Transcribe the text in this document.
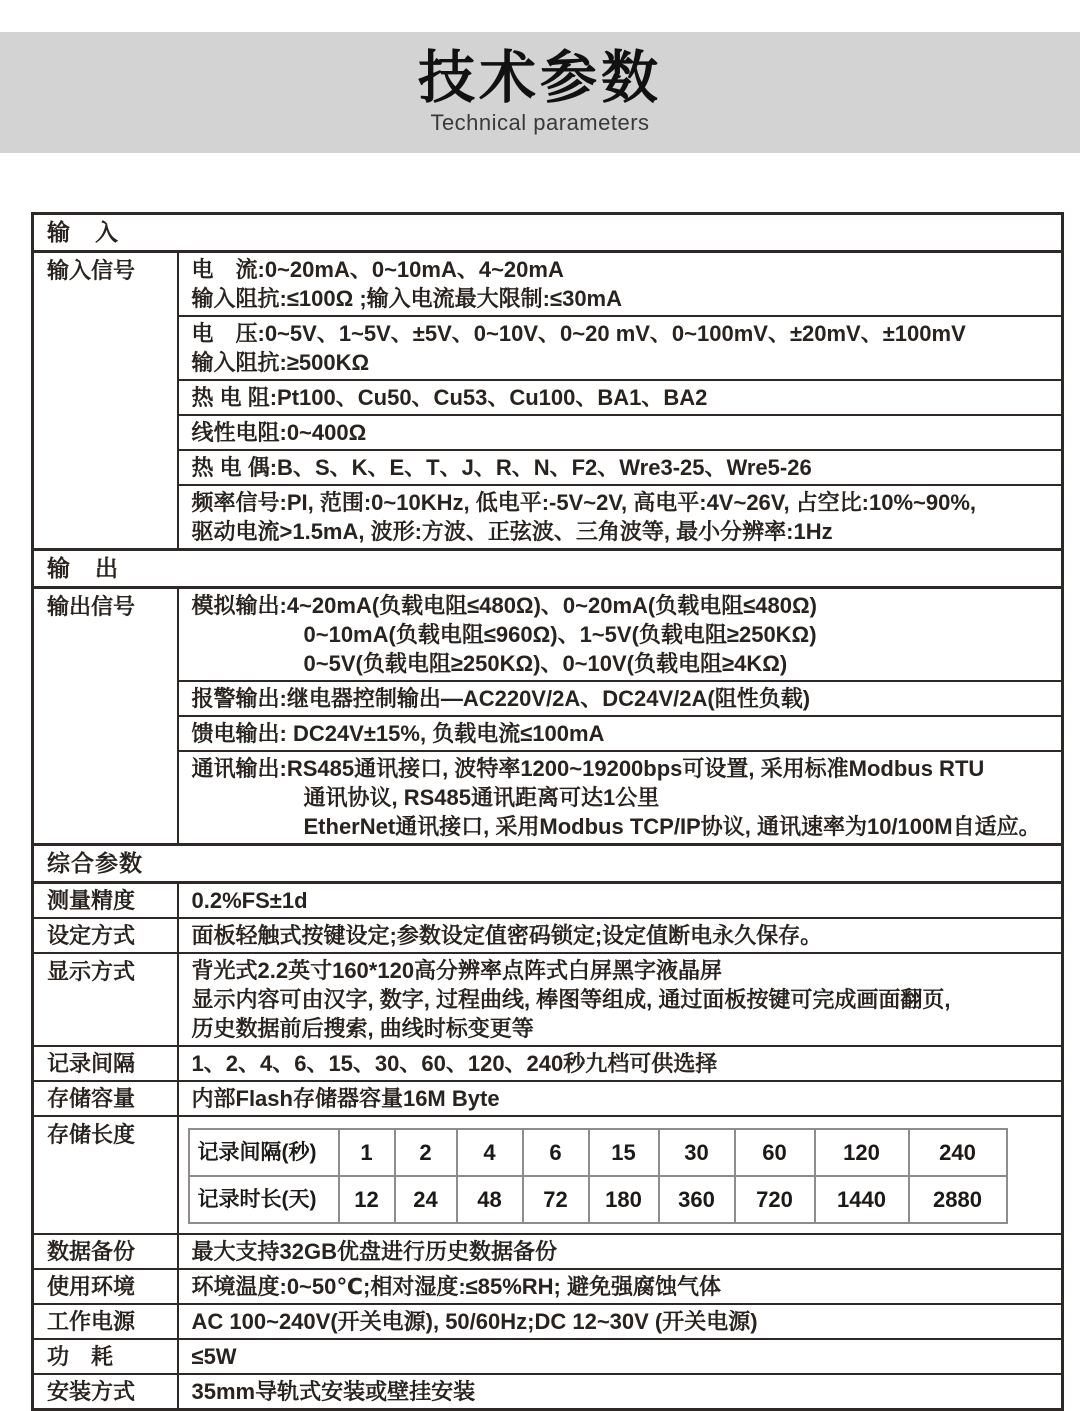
技术参数
Technical parameters
输　入
输入信号	电　流:0~20mA、0~10mA、4~20mA
输入阻抗:≤100Ω ;输入电流最大限制:≤30mA

电　压:0~5V、1~5V、±5V、0~10V、0~20 mV、0~100mV、±20mV、±100mV
输入阻抗:≥500KΩ

热 电 阻:Pt100、Cu50、Cu53、Cu100、BA1、BA2

线性电阻:0~400Ω

热 电 偶:B、S、K、E、T、J、R、N、F2、Wre3-25、Wre5-26

频率信号:PI, 范围:0~10KHz, 低电平:-5V~2V, 高电平:4V~26V, 占空比:10%~90%,
驱动电流>1.5mA, 波形:方波、正弦波、三角波等, 最小分辨率:1Hz

输　出
输出信号	模拟输出:4~20mA(负载电阻≤480Ω)、0~20mA(负载电阻≤480Ω)
0~10mA(负载电阻≤960Ω)、1~5V(负载电阻≥250KΩ)
0~5V(负载电阻≥250KΩ)、0~10V(负载电阻≥4KΩ)

报警输出:继电器控制输出—AC220V/2A、DC24V/2A(阻性负载)

馈电输出: DC24V±15%, 负载电流≤100mA

通讯输出:RS485通讯接口, 波特率1200~19200bps可设置, 采用标准Modbus RTU
通讯协议, RS485通讯距离可达1公里
EtherNet通讯接口, 采用Modbus TCP/IP协议, 通讯速率为10/100M自适应。

综合参数
测量精度	0.2%FS±1d

设定方式	面板轻触式按键设定;参数设定值密码锁定;设定值断电永久保存。

显示方式	背光式2.2英寸160*120高分辨率点阵式白屏黑字液晶屏
显示内容可由汉字, 数字, 过程曲线, 棒图等组成, 通过面板按键可完成画面翻页,
历史数据前后搜索, 曲线时标变更等

记录间隔	1、2、4、6、15、30、60、120、240秒九档可供选择

存储容量	内部Flash存储器容量16M Byte

存储长度	
记录间隔(秒)	1	2	4	6	15	30	60	120	240
记录时长(天)	12	24	48	72	180	360	720	1440	2880

数据备份	最大支持32GB优盘进行历史数据备份

使用环境	环境温度:0~50℃;相对湿度:≤85%RH; 避免强腐蚀气体

工作电源	AC 100~240V(开关电源), 50/60Hz;DC 12~30V (开关电源)

功　耗	≤5W

安装方式	35mm导轨式安装或壁挂安装
